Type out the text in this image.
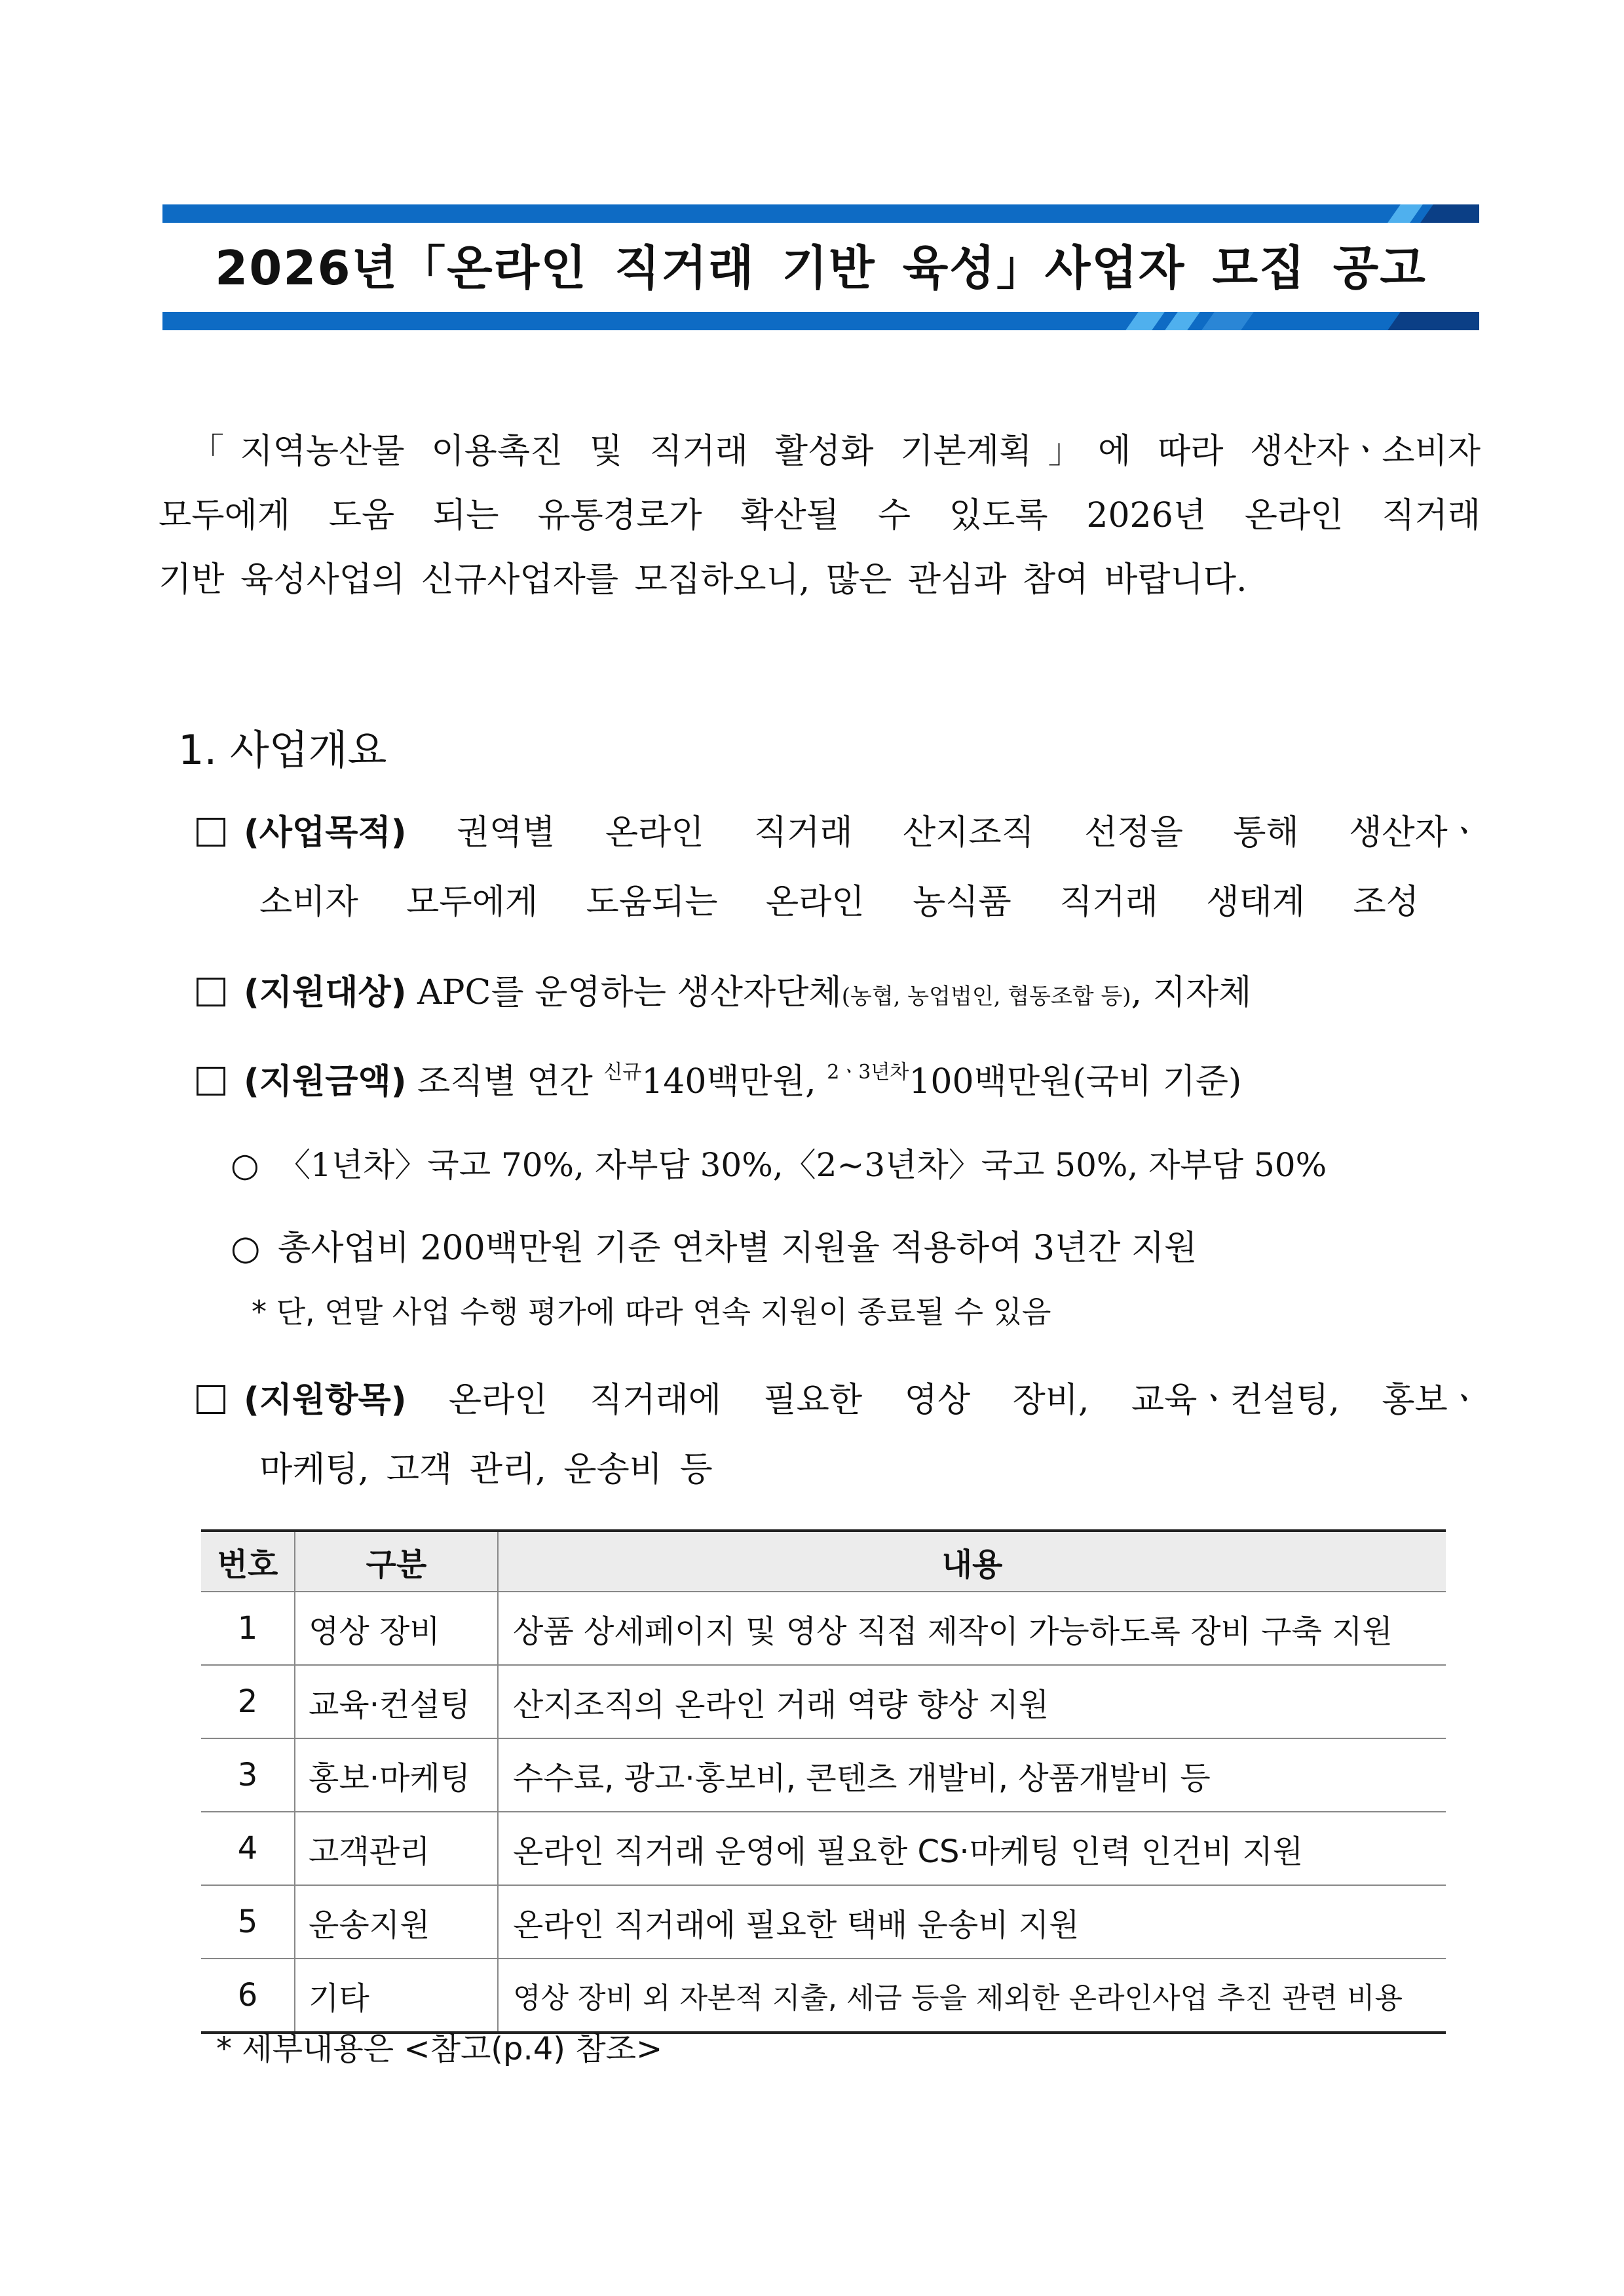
2026년「온라인 직거래 기반 육성」사업자 모집 공고
「지역농산물 이용촉진 및 직거래 활성화 기본계획」에 따라 생산자ㆍ소비자
모두에게 도움 되는 유통경로가 확산될 수 있도록 2026년 온라인 직거래
기반 육성사업의 신규사업자를 모집하오니, 많은 관심과 참여 바랍니다.
1. 사업개요
(사업목적) 권역별 온라인 직거래 산지조직 선정을 통해 생산자ㆍ
소비자 모두에게 도움되는 온라인 농식품 직거래 생태계 조성
(지원대상) APC를 운영하는 생산자단체(농협, 농업법인, 협동조합 등), 지자체
(지원금액) 조직별 연간 $^{신규}$140백만원, $^{2ㆍ3년차}$100백만원(국비 기준)
○ 〈1년차〉국고 70%, 자부담 30%,〈2∼3년차〉국고 50%, 자부담 50%
○ 총사업비 200백만원 기준 연차별 지원율 적용하여 3년간 지원
* 단, 연말 사업 수행 평가에 따라 연속 지원이 종료될 수 있음
(지원항목) 온라인 직거래에 필요한 영상 장비, 교육ㆍ컨설팅, 홍보ㆍ
마케팅, 고객 관리, 운송비 등
번호	구분	내용
1	영상 장비	상품 상세페이지 및 영상 직접 제작이 가능하도록 장비 구축 지원
2	교육·컨설팅	산지조직의 온라인 거래 역량 향상 지원
3	홍보·마케팅	수수료, 광고·홍보비, 콘텐츠 개발비, 상품개발비 등
4	고객관리	온라인 직거래 운영에 필요한 CS·마케팅 인력 인건비 지원
5	운송지원	온라인 직거래에 필요한 택배 운송비 지원
6	기타	영상 장비 외 자본적 지출, 세금 등을 제외한 온라인사업 추진 관련 비용
* 세부내용은 <참고(p.4) 참조>
